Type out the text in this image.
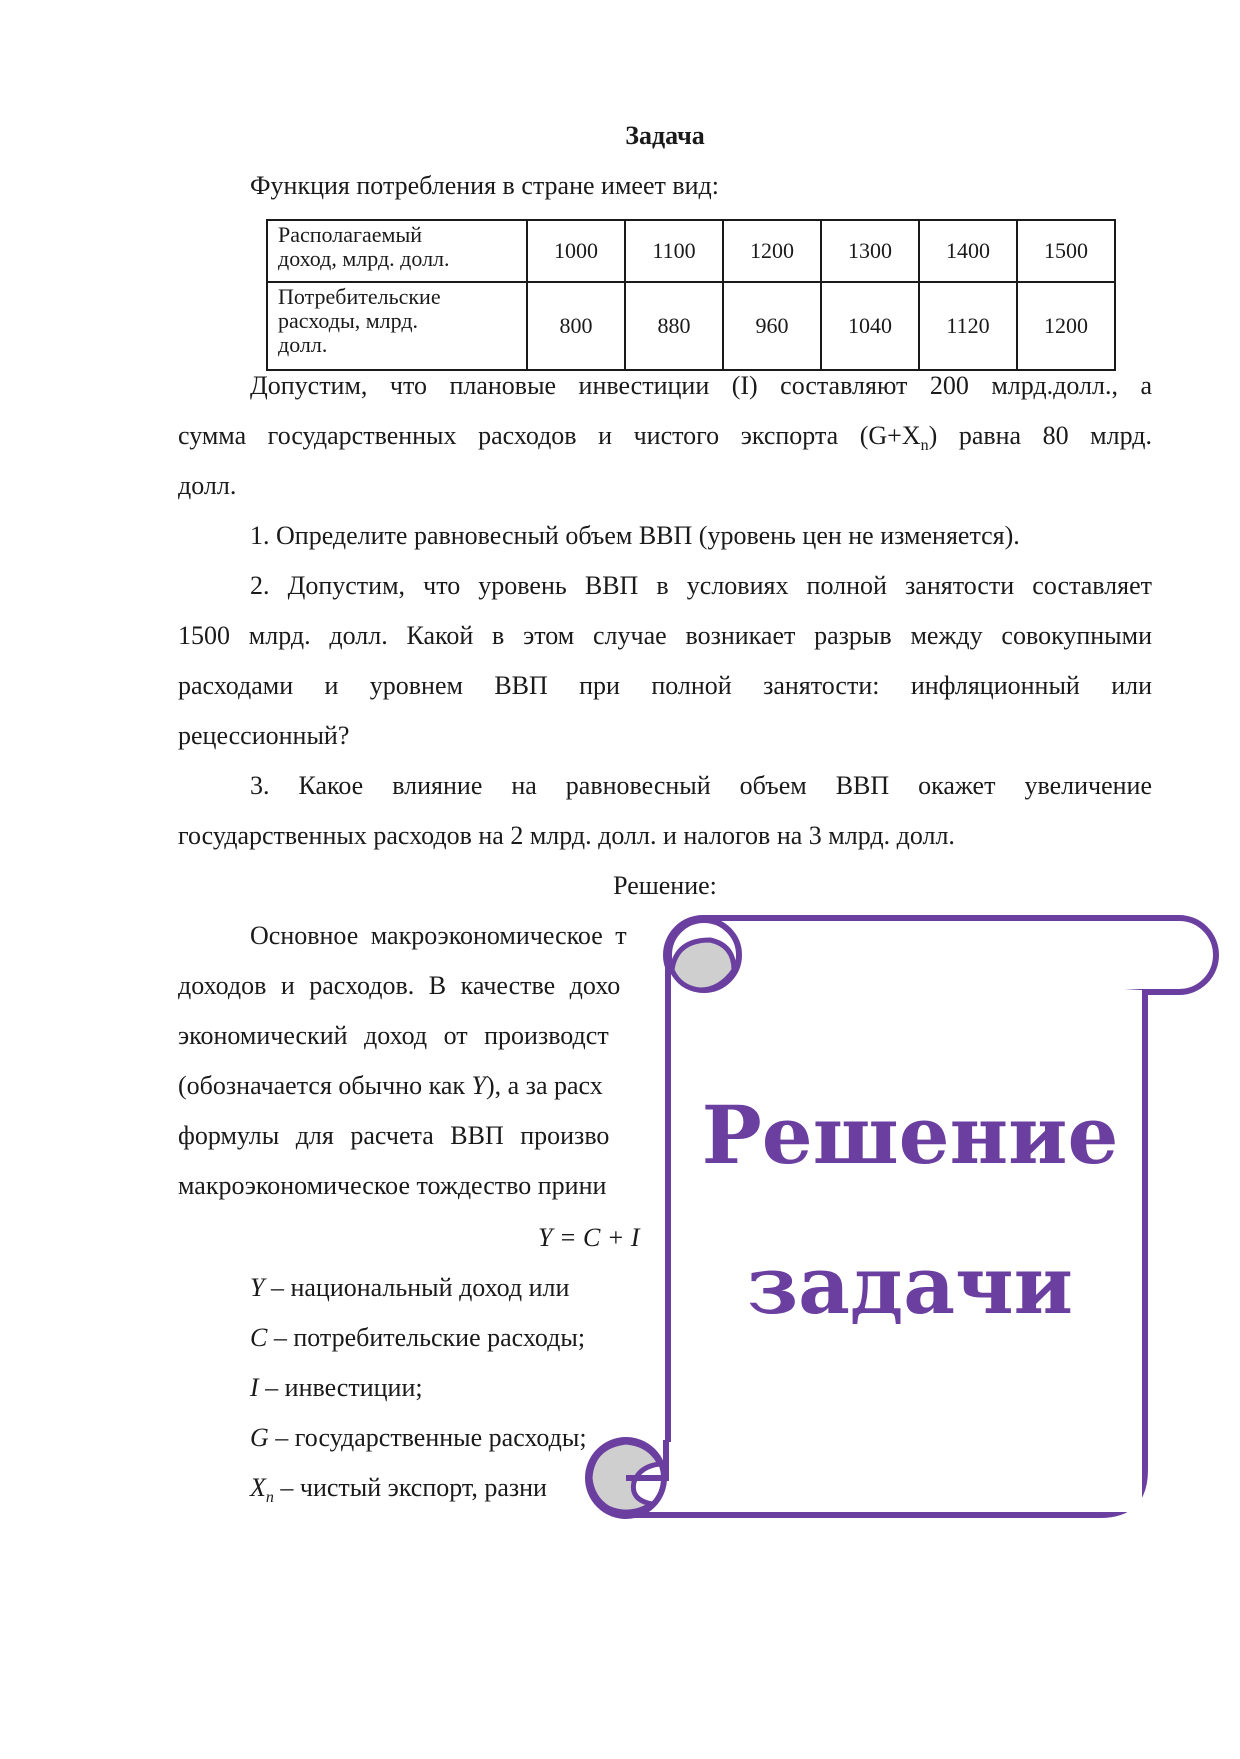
Задача

Функция потребления в стране имеет вид:

Располагаемый
доход, млрд. долл.	1000	1100	1200	1300	1400	1500
Потребительские
расходы, млрд.
долл.	800	880	960	1040	1120	1200

Допустим, что плановые инвестиции (I) составляют 200 млрд.долл., а

сумма государственных расходов и чистого экспорта $(G+X_n)$ равна 80 млрд.

долл.

1. Определите равновесный объем ВВП (уровень цен не изменяется).

2. Допустим, что уровень ВВП в условиях полной занятости составляет

1500 млрд. долл. Какой в этом случае возникает разрыв между совокупными

расходами и уровнем ВВП при полной занятости: инфляционный или

рецессионный?

3. Какое влияние на равновесный объем ВВП окажет увеличение

государственных расходов на 2 млрд. долл. и налогов на 3 млрд. долл.

Решение:

Основное макроэкономическое т

доходов и расходов. В качестве дохо

экономический доход от производст

(обозначается обычно как Y), а за расх

формулы для расчета ВВП произво

макроэкономическое тождество прини

Y = C + I

Y – национальный доход или

C – потребительские расходы;

I – инвестиции;

G – государственные расходы;

$X_n$ – чистый экспорт, разни

Решение
задачи
